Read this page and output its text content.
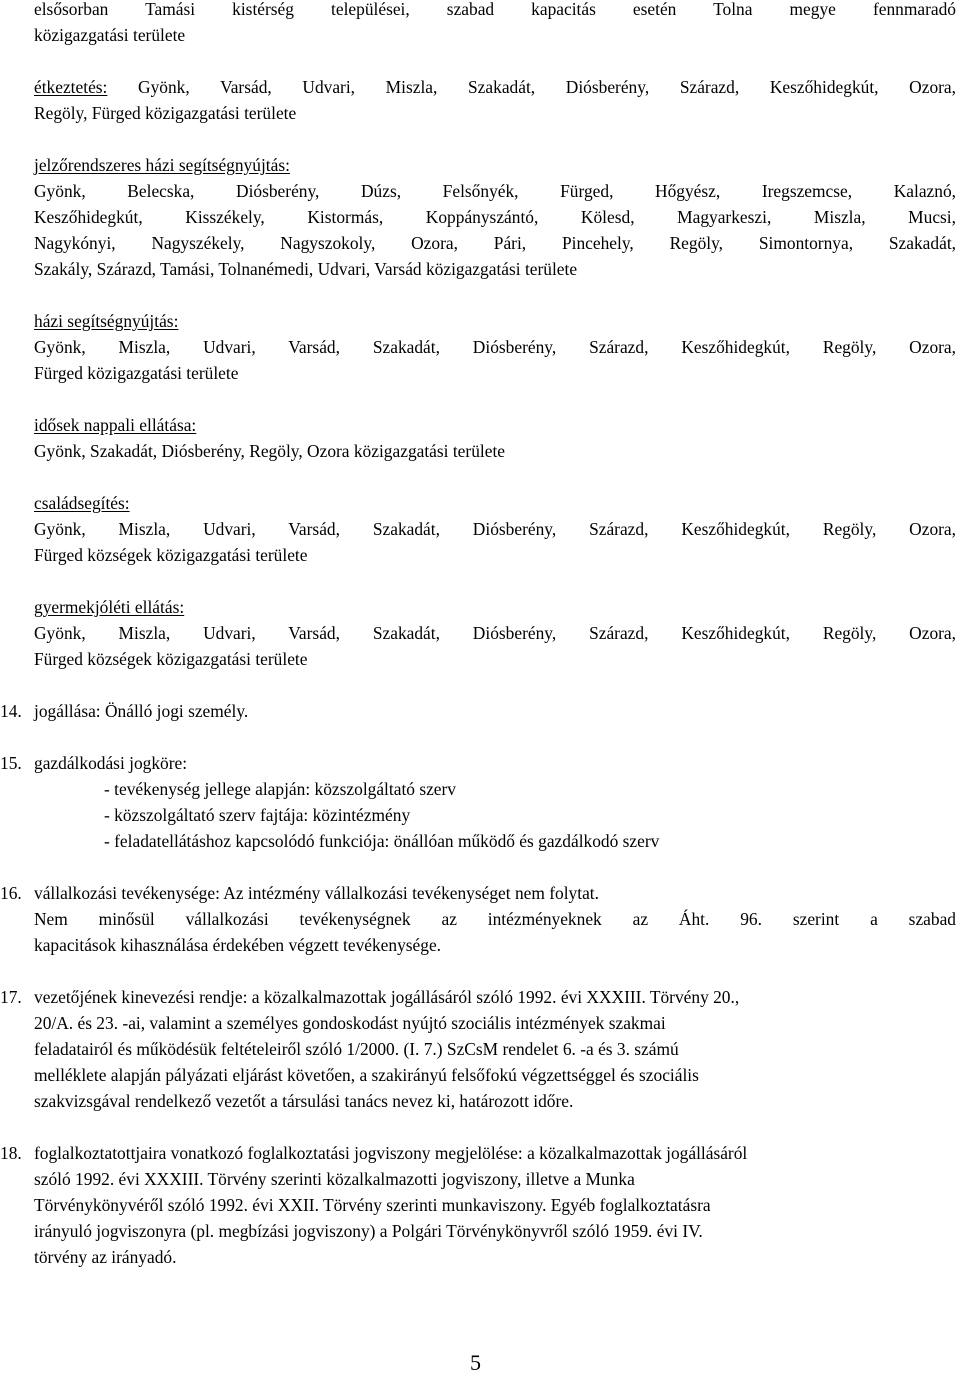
elsősorban Tamási kistérség települései, szabad kapacitás esetén Tolna megye fennmaradó

közigazgatási területe

étkeztetés: Gyönk, Varsád, Udvari, Miszla, Szakadát, Diósberény, Szárazd, Keszőhidegkút, Ozora,

Regöly, Fürged közigazgatási területe

jelzőrendszeres házi segítségnyújtás:

Gyönk, Belecska, Diósberény, Dúzs, Felsőnyék, Fürged, Hőgyész, Iregszemcse, Kalaznó,

Keszőhidegkút, Kisszékely, Kistormás, Koppányszántó, Kölesd, Magyarkeszi, Miszla, Mucsi,

Nagykónyi, Nagyszékely, Nagyszokoly, Ozora, Pári, Pincehely, Regöly, Simontornya, Szakadát,

Szakály, Szárazd, Tamási, Tolnanémedi, Udvari, Varsád közigazgatási területe

házi segítségnyújtás:

Gyönk, Miszla, Udvari, Varsád, Szakadát, Diósberény, Szárazd, Keszőhidegkút, Regöly, Ozora,

Fürged közigazgatási területe

idősek nappali ellátása:

Gyönk, Szakadát, Diósberény, Regöly, Ozora közigazgatási területe

családsegítés:

Gyönk, Miszla, Udvari, Varsád, Szakadát, Diósberény, Szárazd, Keszőhidegkút, Regöly, Ozora,

Fürged községek közigazgatási területe

gyermekjóléti ellátás:

Gyönk, Miszla, Udvari, Varsád, Szakadát, Diósberény, Szárazd, Keszőhidegkút, Regöly, Ozora,

Fürged községek közigazgatási területe

14. jogállása: Önálló jogi személy.

15. gazdálkodási jogköre:

- tevékenység jellege alapján: közszolgáltató szerv

- közszolgáltató szerv fajtája: közintézmény

- feladatellátáshoz kapcsolódó funkciója: önállóan működő és gazdálkodó szerv

16. vállalkozási tevékenysége: Az intézmény vállalkozási tevékenységet nem folytat.

Nem minősül vállalkozási tevékenységnek az intézményeknek az Áht. 96. szerint a szabad

kapacitások kihasználása érdekében végzett tevékenysége.

17. vezetőjének kinevezési rendje: a közalkalmazottak jogállásáról szóló 1992. évi XXXIII. Törvény 20.,

20/A. és 23. -ai, valamint a személyes gondoskodást nyújtó szociális intézmények szakmai

feladatairól és működésük feltételeiről szóló 1/2000. (I. 7.) SzCsM rendelet 6. -a és 3. számú

melléklete alapján pályázati eljárást követően, a szakirányú felsőfokú végzettséggel és szociális

szakvizsgával rendelkező vezetőt a társulási tanács nevez ki, határozott időre.

18. foglalkoztatottjaira vonatkozó foglalkoztatási jogviszony megjelölése: a közalkalmazottak jogállásáról

szóló 1992. évi XXXIII. Törvény szerinti közalkalmazotti jogviszony, illetve a Munka

Törvénykönyvéről szóló 1992. évi XXII. Törvény szerinti munkaviszony. Egyéb foglalkoztatásra

irányuló jogviszonyra (pl. megbízási jogviszony) a Polgári Törvénykönyvről szóló 1959. évi IV.

törvény az irányadó.

5
